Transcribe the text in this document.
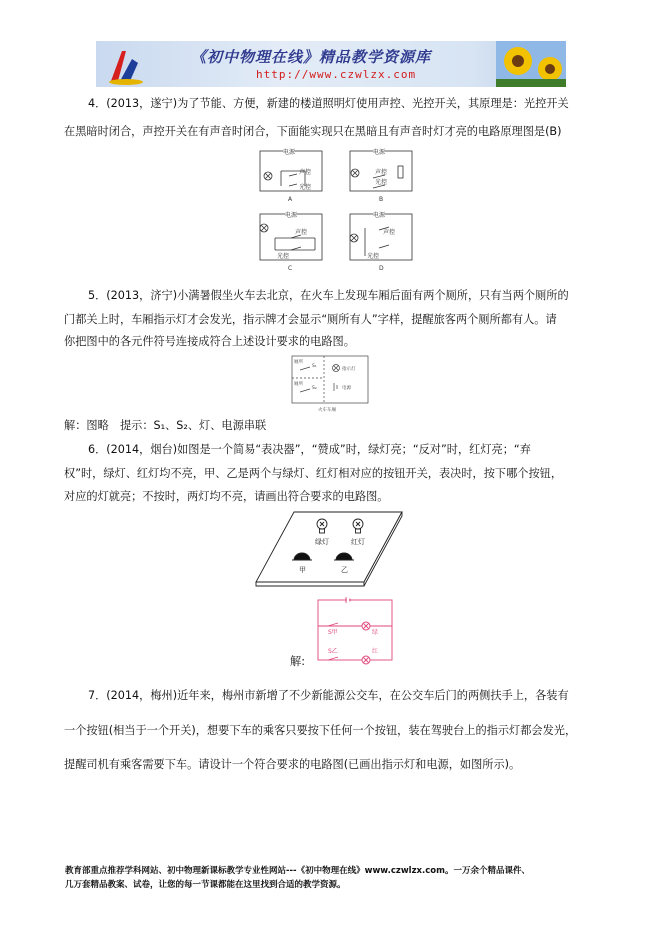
《初中物理在线》精品教学资源库
http://www.czwlzx.com
4．(2013，遂宁)为了节能、方便，新建的楼道照明灯使用声控、光控开关，其原理是：光控开关
在黑暗时闭合，声控开关在有声音时闭合，下面能实现只在黑暗且有声音时灯才亮的电路原理图是(B)
电源
声控
光控
A
电源
声控
光控
B
电源
声控
光控
C
电源
声控
光控
D
5．(2013，济宁)小满暑假坐火车去北京，在火车上发现车厢后面有两个厕所，只有当两个厕所的
门都关上时，车厢指示灯才会发光，指示牌才会显示“厕所有人”字样，提醒旅客两个厕所都有人。请
你把图中的各元件符号连接成符合上述设计要求的电路图。
厕所
厕所
S₁
S₂
指示灯
电源
火车车厢
解：图略　提示：S₁、S₂、灯、电源串联
6．(2014，烟台)如图是一个简易“表决器”，“赞成”时，绿灯亮；“反对”时，红灯亮；“弃
权”时，绿灯、红灯均不亮，甲、乙是两个与绿灯、红灯相对应的按钮开关，表决时，按下哪个按钮，
对应的灯就亮；不按时，两灯均不亮，请画出符合要求的电路图。
绿灯	红灯
甲	乙
解:
S甲
S乙
绿
红
7．(2014，梅州)近年来，梅州市新增了不少新能源公交车，在公交车后门的两侧扶手上，各装有
一个按钮(相当于一个开关)，想要下车的乘客只要按下任何一个按钮，装在驾驶台上的指示灯都会发光，
提醒司机有乘客需要下车。请设计一个符合要求的电路图(已画出指示灯和电源，如图所示)。
教育部重点推荐学科网站、初中物理新课标教学专业性网站---《初中物理在线》www.czwlzx.com。一万余个精品课件、
几万套精品教案、试卷，让您的每一节课都能在这里找到合适的教学资源。
